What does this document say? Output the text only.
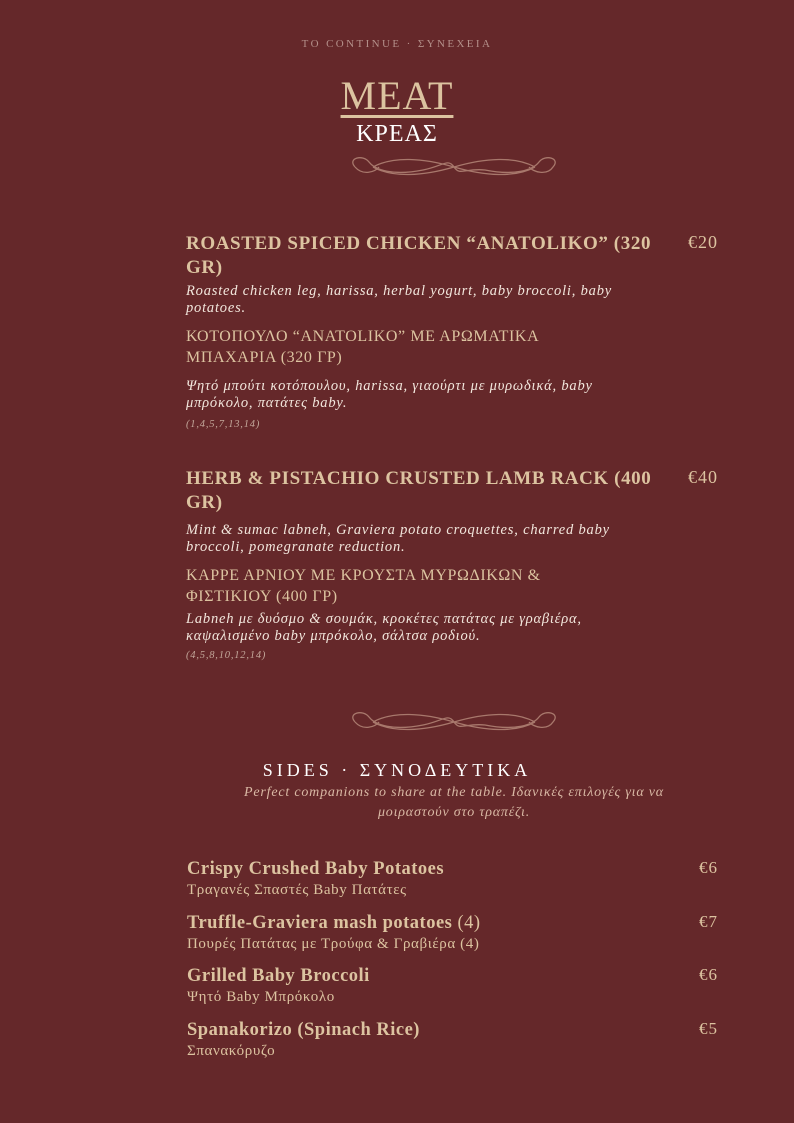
TO CONTINUE · ΣΥΝΕΧΕΙΑ
MEAT
ΚΡΕΑΣ
ROASTED SPICED CHICKEN “ANATOLIKO” (320 GR)
€20
Roasted chicken leg, harissa, herbal yogurt, baby broccoli, baby potatoes.
ΚΟΤΟΠΟΥΛΟ “ANATOLIKO” ΜΕ ΑΡΩΜΑΤΙΚΑ ΜΠΑΧΑΡΙΑ (320 ΓΡ)
Ψητό μπούτι κοτόπουλου, harissa, γιαούρτι με μυρωδικά, baby μπρόκολο, πατάτες baby.
(1,4,5,7,13,14)
HERB & PISTACHIO CRUSTED LAMB RACK (400 GR)
€40
Mint & sumac labneh, Graviera potato croquettes, charred baby broccoli, pomegranate reduction.
ΚΑΡΡΕ ΑΡΝΙΟΥ ΜΕ ΚΡΟΥΣΤΑ ΜΥΡΩΔΙΚΩΝ & ΦΙΣΤΙΚΙΟΥ (400 ΓΡ)
Labneh με δυόσμο & σουμάκ, κροκέτες πατάτας με γραβιέρα, καψαλισμένο baby μπρόκολο, σάλτσα ροδιού.
(4,5,8,10,12,14)
SIDES · ΣΥΝΟΔΕΥΤΙΚΑ
Perfect companions to share at the table. Ιδανικές επιλογές για να μοιραστούν στο τραπέζι.
Crispy Crushed Baby Potatoes
Τραγανές Σπαστές Baby Πατάτες
€6
Truffle-Graviera mash potatoes (4)
Πουρές Πατάτας με Τρούφα & Γραβιέρα (4)
€7
Grilled Baby Broccoli
Ψητό Baby Μπρόκολο
€6
Spanakorizo (Spinach Rice)
Σπανακόρυζο
€5
